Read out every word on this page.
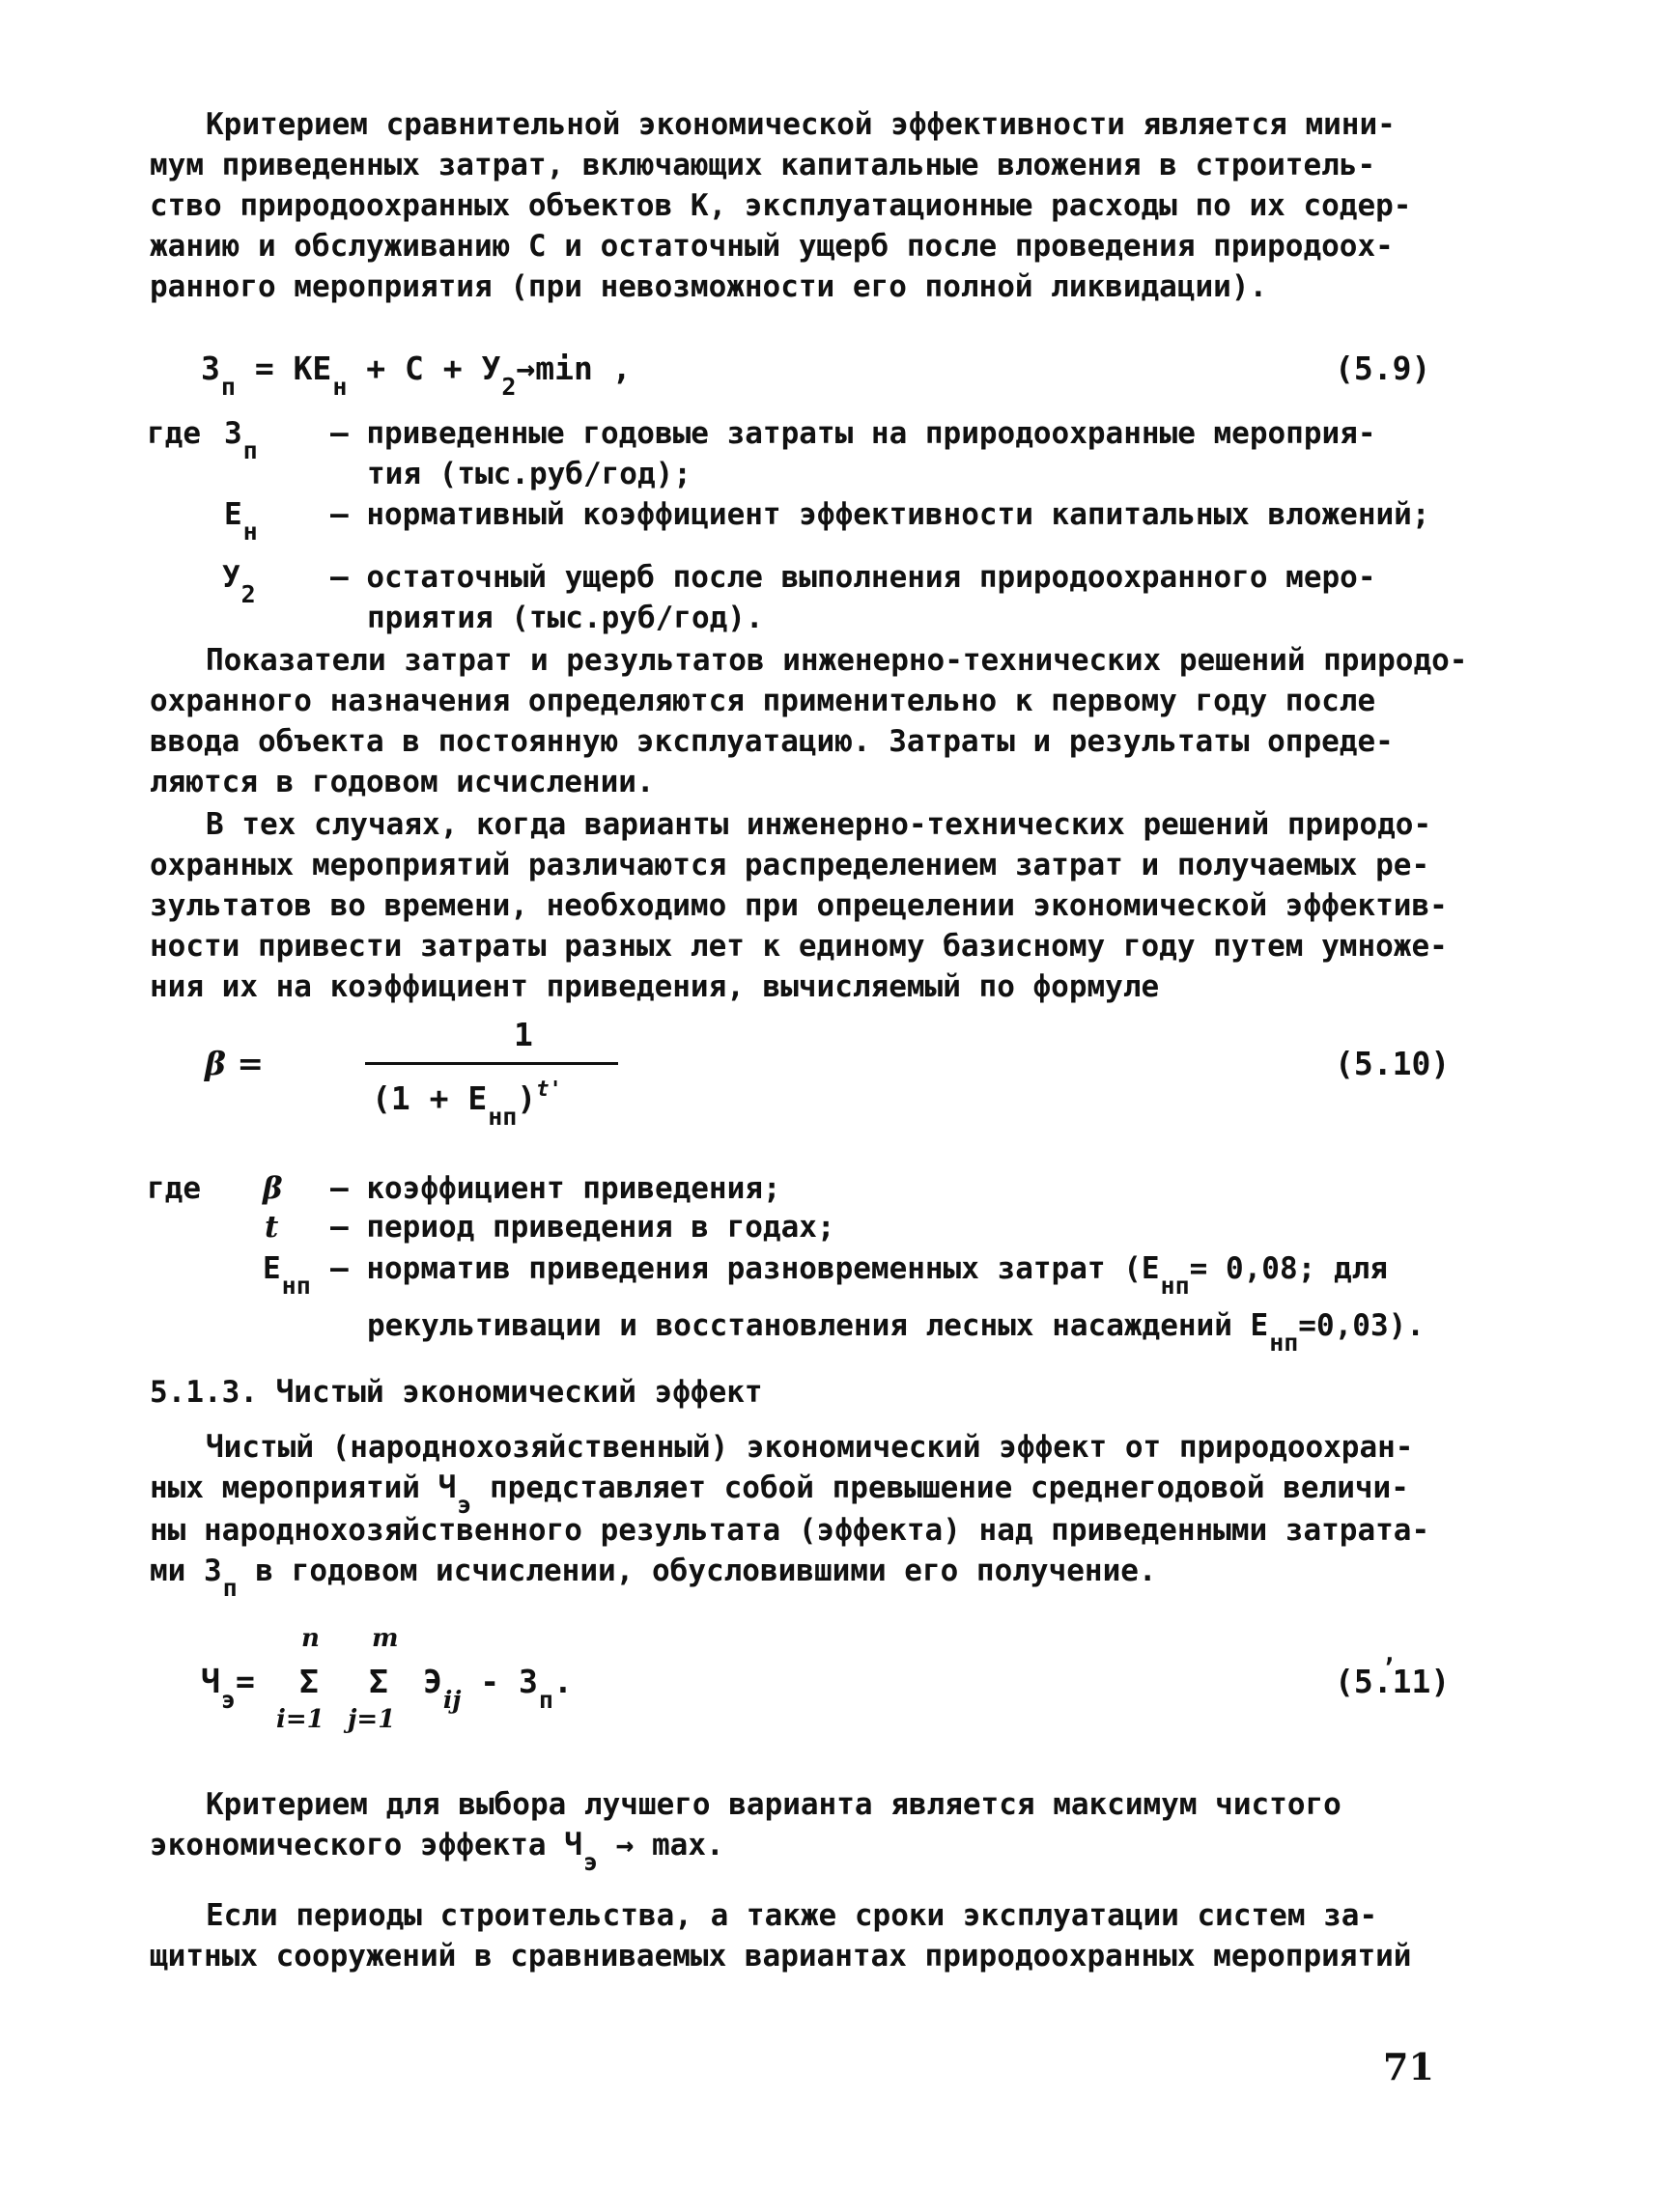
Критерием сравнительной экономической эффективности является мини-
мум приведенных затрат, включающих капитальные вложения в строитель-
ство природоохранных объектов К, эксплуатационные расходы по их содер-
жанию и обслуживанию С и остаточный ущерб после проведения природоох-
ранного мероприятия (при невозможности его полной ликвидации).
$З_п = КЕ_н + С + У_2\to\min$ ,	(5.9)
где $З_п$ – приведенные годовые затраты на природоохранные мероприя-
тия (тыс.руб/год);
$Е_н$ – нормативный коэффициент эффективности капитальных вложений;
$У_2$ – остаточный ущерб после выполнения природоохранного меро-
приятия (тыс.руб/год).
Показатели затрат и результатов инженерно-технических решений природо-
охранного назначения определяются применительно к первому году после
ввода объекта в постоянную эксплуатацию. Затраты и результаты опреде-
ляются в годовом исчислении.
В тех случаях, когда варианты инженерно-технических решений природо-
охранных мероприятий различаются распределением затрат и получаемых ре-
зультатов во времени, необходимо при опрецелении экономической эффектив-
ности привести затраты разных лет к единому базисному году путем умноже-
ния их на коэффициент приведения, вычисляемый по формуле
β =
1
$(1 + Е_{нп})^{t'}$
(5.10)
где β – коэффициент приведения;
t – период приведения в годах;
$Е_{нп}$ – норматив приведения разновременных затрат ($Е_{нп}= 0,08$; для
рекультивации и восстановления лесных насаждений $Е_{нп}=0,03$).
5.1.3. Чистый экономический эффект
Чистый (народнохозяйственный) экономический эффект от природоохран-
ных мероприятий $Ч_э$ представляет собой превышение среднегодовой величи-
ны народнохозяйственного результата (эффекта) над приведенными затрата-
ми $З_п$ в годовом исчислении, обусловившими его получение.
n m
$Ч_э= \Sigma$ Σ $Э_{ij} - З_п$.
i=1 j=1
,
(5.11)
Критерием для выбора лучшего варианта является максимум чистого
экономического эффекта $Ч_э \to \max$.
Если периоды строительства, а также сроки эксплуатации систем за-
щитных сооружений в сравниваемых вариантах природоохранных мероприятий
71
